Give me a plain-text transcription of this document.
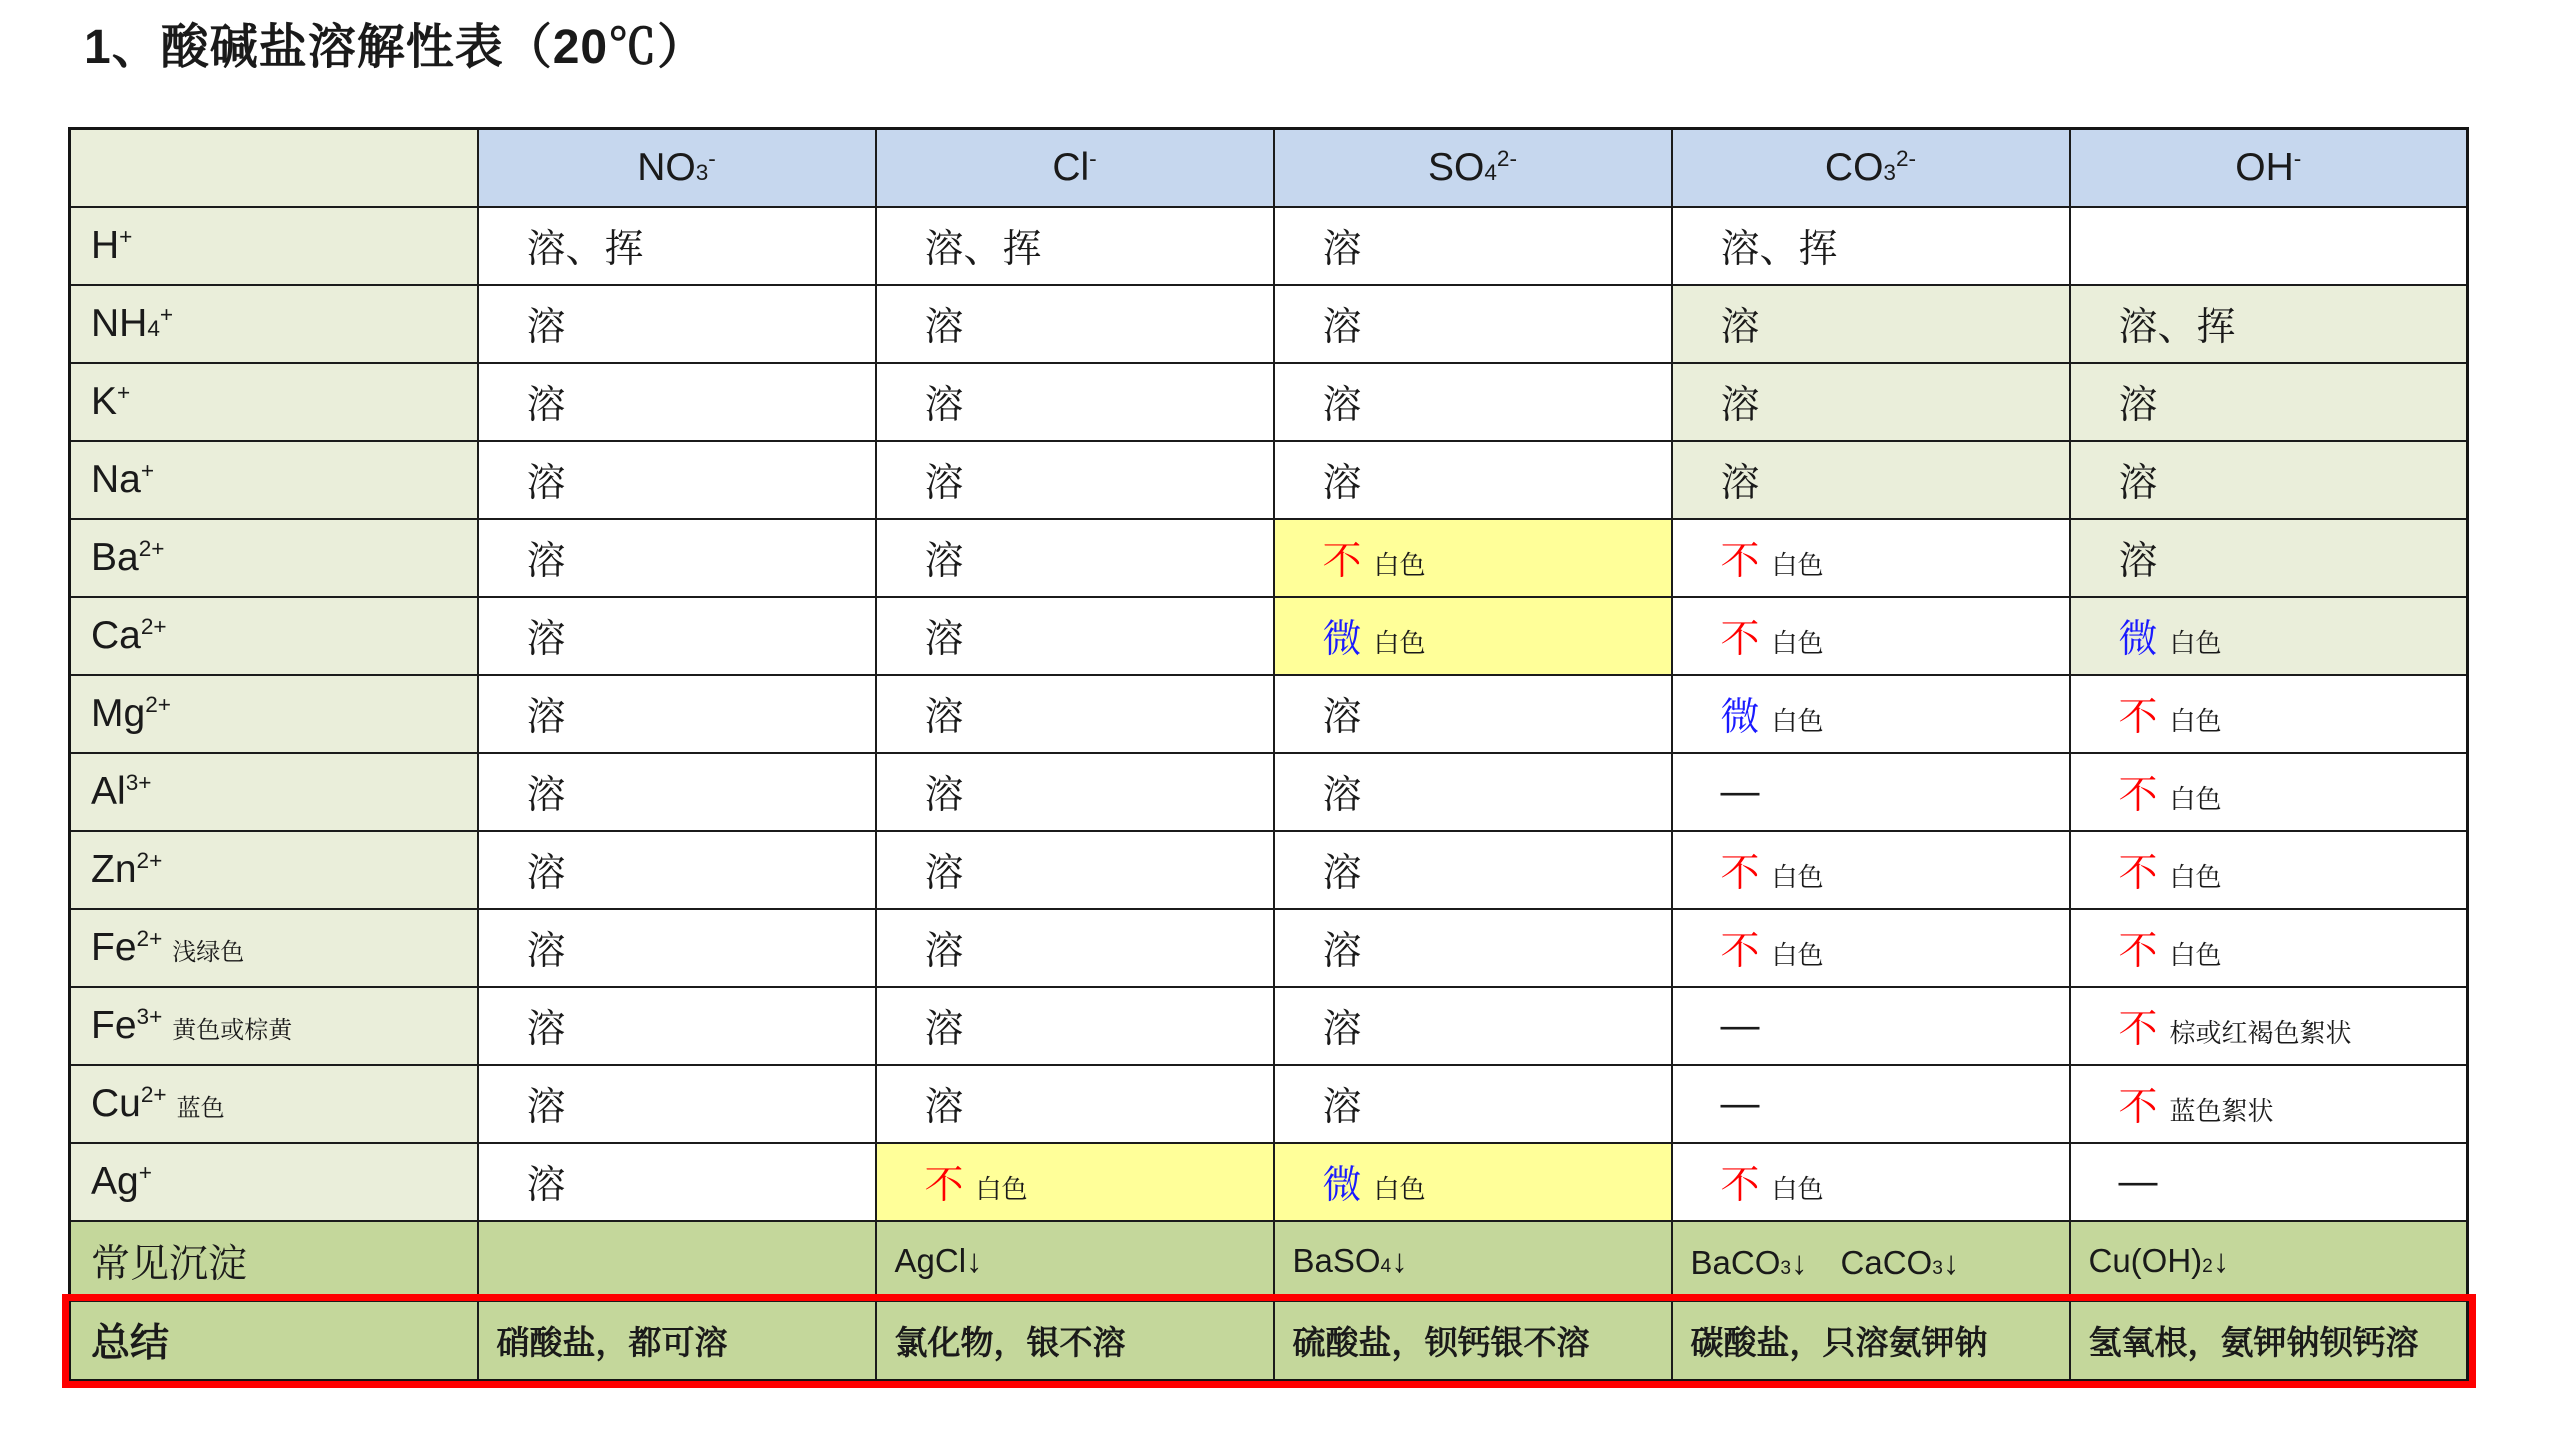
1、酸碱盐溶解性表（20℃）
	$NO_3^-$	Cl-	$SO_4^{2-}$	$CO_3^{2-}$	OH-
H+	溶、挥	溶、挥	溶	溶、挥	
$NH_4^+$	溶	溶	溶	溶	溶、挥
K+	溶	溶	溶	溶	溶
Na+	溶	溶	溶	溶	溶
$Ba^{2+}$	溶	溶	不 白色	不 白色	溶
$Ca^{2+}$	溶	溶	微 白色	不 白色	微 白色
$Mg^{2+}$	溶	溶	溶	微 白色	不 白色
$Al^{3+}$	溶	溶	溶	—	不 白色
$Zn^{2+}$	溶	溶	溶	不 白色	不 白色
$Fe^{2+}$浅绿色	溶	溶	溶	不 白色	不 白色
$Fe^{3+}$黄色或棕黄	溶	溶	溶	—	不 棕或红褐色絮状
$Cu^{2+}$蓝色	溶	溶	溶	—	不 蓝色絮状
Ag+	溶	不 白色	微 白色	不 白色	—
常见沉淀		AgCl↓	BaSO$_4$↓	BaCO$_3$↓　CaCO$_3$↓	$Cu(OH)_2↓$
总结	硝酸盐，都可溶	氯化物，银不溶	硫酸盐，钡钙银不溶	碳酸盐，只溶氨钾钠	氢氧根，氨钾钠钡钙溶
